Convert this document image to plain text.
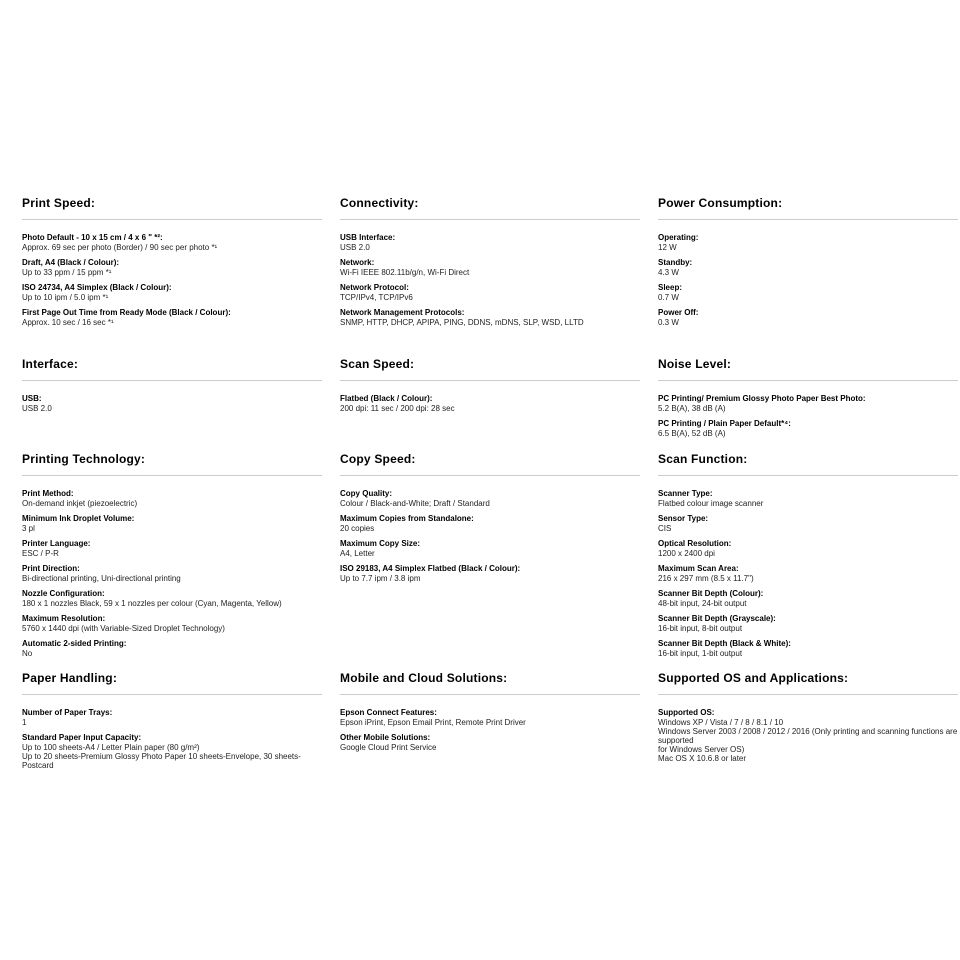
Print Speed:
Photo Default - 10 x 15 cm / 4 x 6 " *²:
Approx. 69 sec per photo (Border) / 90 sec per photo *¹
Draft, A4 (Black / Colour):
Up to 33 ppm / 15 ppm *¹
ISO 24734, A4 Simplex (Black / Colour):
Up to 10 ipm / 5.0 ipm *¹
First Page Out Time from Ready Mode (Black / Colour):
Approx. 10 sec / 16 sec *¹
Connectivity:
USB Interface:
USB 2.0
Network:
Wi-Fi IEEE 802.11b/g/n, Wi-Fi Direct
Network Protocol:
TCP/IPv4, TCP/IPv6
Network Management Protocols:
SNMP, HTTP, DHCP, APIPA, PING, DDNS, mDNS, SLP, WSD, LLTD
Power Consumption:
Operating:
12 W
Standby:
4.3 W
Sleep:
0.7 W
Power Off:
0.3 W
Interface:
USB:
USB 2.0
Scan Speed:
Flatbed (Black / Colour):
200 dpi: 11 sec / 200 dpi: 28 sec
Noise Level:
PC Printing/ Premium Glossy Photo Paper Best Photo:
5.2 B(A), 38 dB (A)
PC Printing / Plain Paper Default*⁴:
6.5 B(A), 52 dB (A)
Printing Technology:
Print Method:
On-demand inkjet (piezoelectric)
Minimum Ink Droplet Volume:
3 pl
Printer Language:
ESC / P-R
Print Direction:
Bi-directional printing, Uni-directional printing
Nozzle Configuration:
180 x 1 nozzles Black, 59 x 1 nozzles per colour (Cyan, Magenta, Yellow)
Maximum Resolution:
5760 x 1440 dpi (with Variable-Sized Droplet Technology)
Automatic 2-sided Printing:
No
Copy Speed:
Copy Quality:
Colour / Black-and-White; Draft / Standard
Maximum Copies from Standalone:
20 copies
Maximum Copy Size:
A4, Letter
ISO 29183, A4 Simplex Flatbed (Black / Colour):
Up to 7.7 ipm / 3.8 ipm
Scan Function:
Scanner Type:
Flatbed colour image scanner
Sensor Type:
CIS
Optical Resolution:
1200 x 2400 dpi
Maximum Scan Area:
216 x 297 mm (8.5 x 11.7")
Scanner Bit Depth (Colour):
48-bit input, 24-bit output
Scanner Bit Depth (Grayscale):
16-bit input, 8-bit output
Scanner Bit Depth (Black & White):
16-bit input, 1-bit output
Paper Handling:
Number of Paper Trays:
1
Standard Paper Input Capacity:
Up to 100 sheets-A4 / Letter Plain paper (80 g/m²)
Up to 20 sheets-Premium Glossy Photo Paper 10 sheets-Envelope, 30 sheets-Postcard
Mobile and Cloud Solutions:
Epson Connect Features:
Epson iPrint, Epson Email Print, Remote Print Driver
Other Mobile Solutions:
Google Cloud Print Service
Supported OS and Applications:
Supported OS:
Windows XP / Vista / 7 / 8 / 8.1 / 10
Windows Server 2003 / 2008 / 2012 / 2016 (Only printing and scanning functions are supported
for Windows Server OS)
Mac OS X 10.6.8 or later
